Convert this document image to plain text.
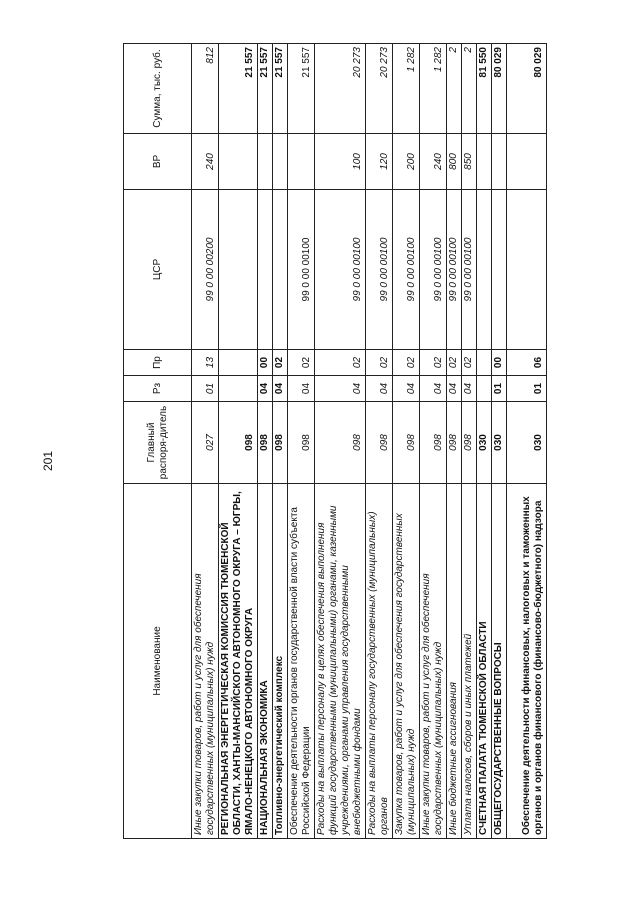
201
Наименование	Главный распоря-дитель	Рз	Пр	ЦСР	ВР	Сумма, тыс. руб.
Иные закупки товаров, работ и услуг для обеспечения государственных (муниципальных) нужд	027	01	13	99 0 00 00200	240	812
РЕГИОНАЛЬНАЯ ЭНЕРГЕТИЧЕСКАЯ КОМИССИЯ ТЮМЕНСКОЙ ОБЛАСТИ, ХАНТЫ-МАНСИЙСКОГО АВТОНОМНОГО ОКРУГА – ЮГРЫ, ЯМАЛО-НЕНЕЦКОГО АВТОНОМНОГО ОКРУГА	098					21 557
НАЦИОНАЛЬНАЯ ЭКОНОМИКА	098	04	00			21 557
Топливно-энергетический комплекс	098	04	02			21 557
Обеспечение деятельности органов государственной власти субъекта Российской Федерации	098	04	02	99 0 00 00100		21 557
Расходы на выплаты персоналу в целях обеспечения выполнения функций государственными (муниципальными) органами, казенными учреждениями, органами управления государственными внебюджетными фондами	098	04	02	99 0 00 00100	100	20 273
Расходы на выплаты персоналу государственных (муниципальных) органов	098	04	02	99 0 00 00100	120	20 273
Закупка товаров, работ и услуг для обеспечения государственных (муниципальных) нужд	098	04	02	99 0 00 00100	200	1 282
Иные закупки товаров, работ и услуг для обеспечения государственных (муниципальных) нужд	098	04	02	99 0 00 00100	240	1 282
Иные бюджетные ассигнования	098	04	02	99 0 00 00100	800	2
Уплата налогов, сборов и иных платежей	098	04	02	99 0 00 00100	850	2
СЧЕТНАЯ ПАЛАТА ТЮМЕНСКОЙ ОБЛАСТИ	030					81 550
ОБЩЕГОСУДАРСТВЕННЫЕ ВОПРОСЫ	030	01	00			80 029
Обеспечение деятельности финансовых, налоговых и таможенных органов и органов финансового (финансово-бюджетного) надзора	030	01	06			80 029
